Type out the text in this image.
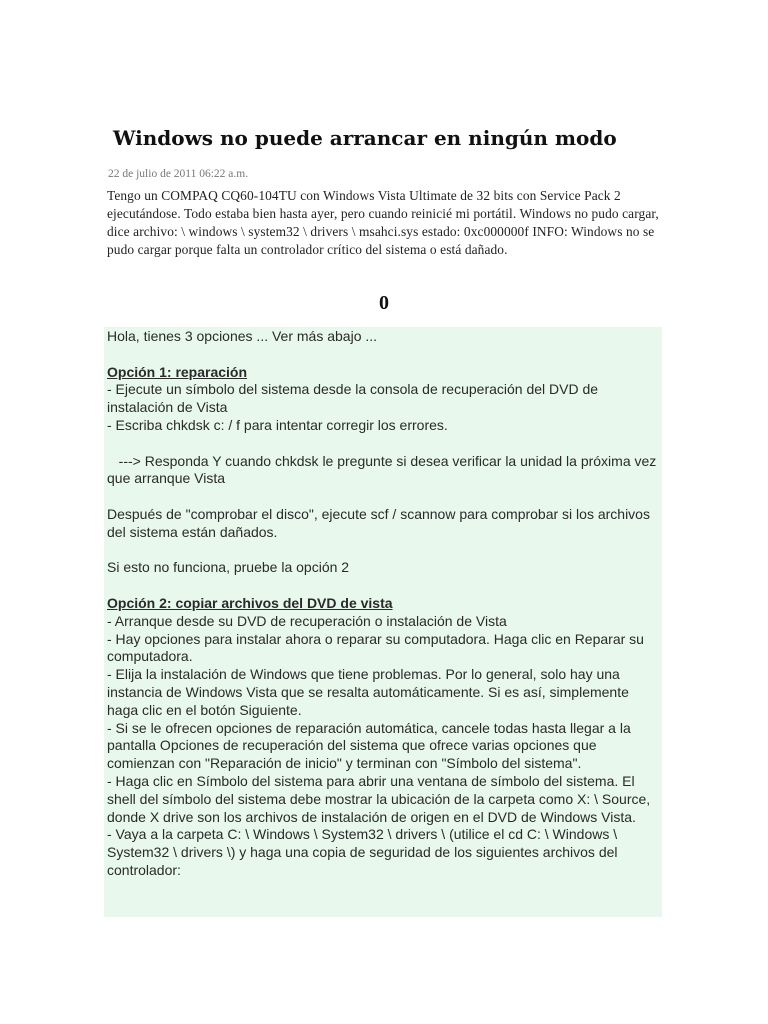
Windows no puede arrancar en ningún modo
22 de julio de 2011 06:22 a.m.

Tengo un COMPAQ CQ60-104TU con Windows Vista Ultimate de 32 bits con Service Pack 2 ejecutándose. Todo estaba bien hasta ayer, pero cuando reinicié mi portátil. Windows no pudo cargar, dice archivo: \ windows \ system32 \ drivers \ msahci.sys estado: 0xc000000f INFO: Windows no se pudo cargar porque falta un controlador crítico del sistema o está dañado.

0

Hola, tienes 3 opciones ... Ver más abajo ...

Opción 1: reparación

- Ejecute un símbolo del sistema desde la consola de recuperación del DVD de instalación de Vista

- Escriba chkdsk c: / f para intentar corregir los errores.

---> Responda Y cuando chkdsk le pregunte si desea verificar la unidad la próxima vez que arranque Vista

Después de "comprobar el disco", ejecute scf / scannow para comprobar si los archivos del sistema están dañados.

Si esto no funciona, pruebe la opción 2

Opción 2: copiar archivos del DVD de vista

- Arranque desde su DVD de recuperación o instalación de Vista

- Hay opciones para instalar ahora o reparar su computadora. Haga clic en Reparar su computadora.

- Elija la instalación de Windows que tiene problemas. Por lo general, solo hay una instancia de Windows Vista que se resalta automáticamente. Si es así, simplemente haga clic en el botón Siguiente.

- Si se le ofrecen opciones de reparación automática, cancele todas hasta llegar a la pantalla Opciones de recuperación del sistema que ofrece varias opciones que comienzan con "Reparación de inicio" y terminan con "Símbolo del sistema".

- Haga clic en Símbolo del sistema para abrir una ventana de símbolo del sistema. El shell del símbolo del sistema debe mostrar la ubicación de la carpeta como X: \ Source, donde X drive son los archivos de instalación de origen en el DVD de Windows Vista.

- Vaya a la carpeta C: \ Windows \ System32 \ drivers \ (utilice el cd C: \ Windows \ System32 \ drivers \) y haga una copia de seguridad de los siguientes archivos del controlador:
